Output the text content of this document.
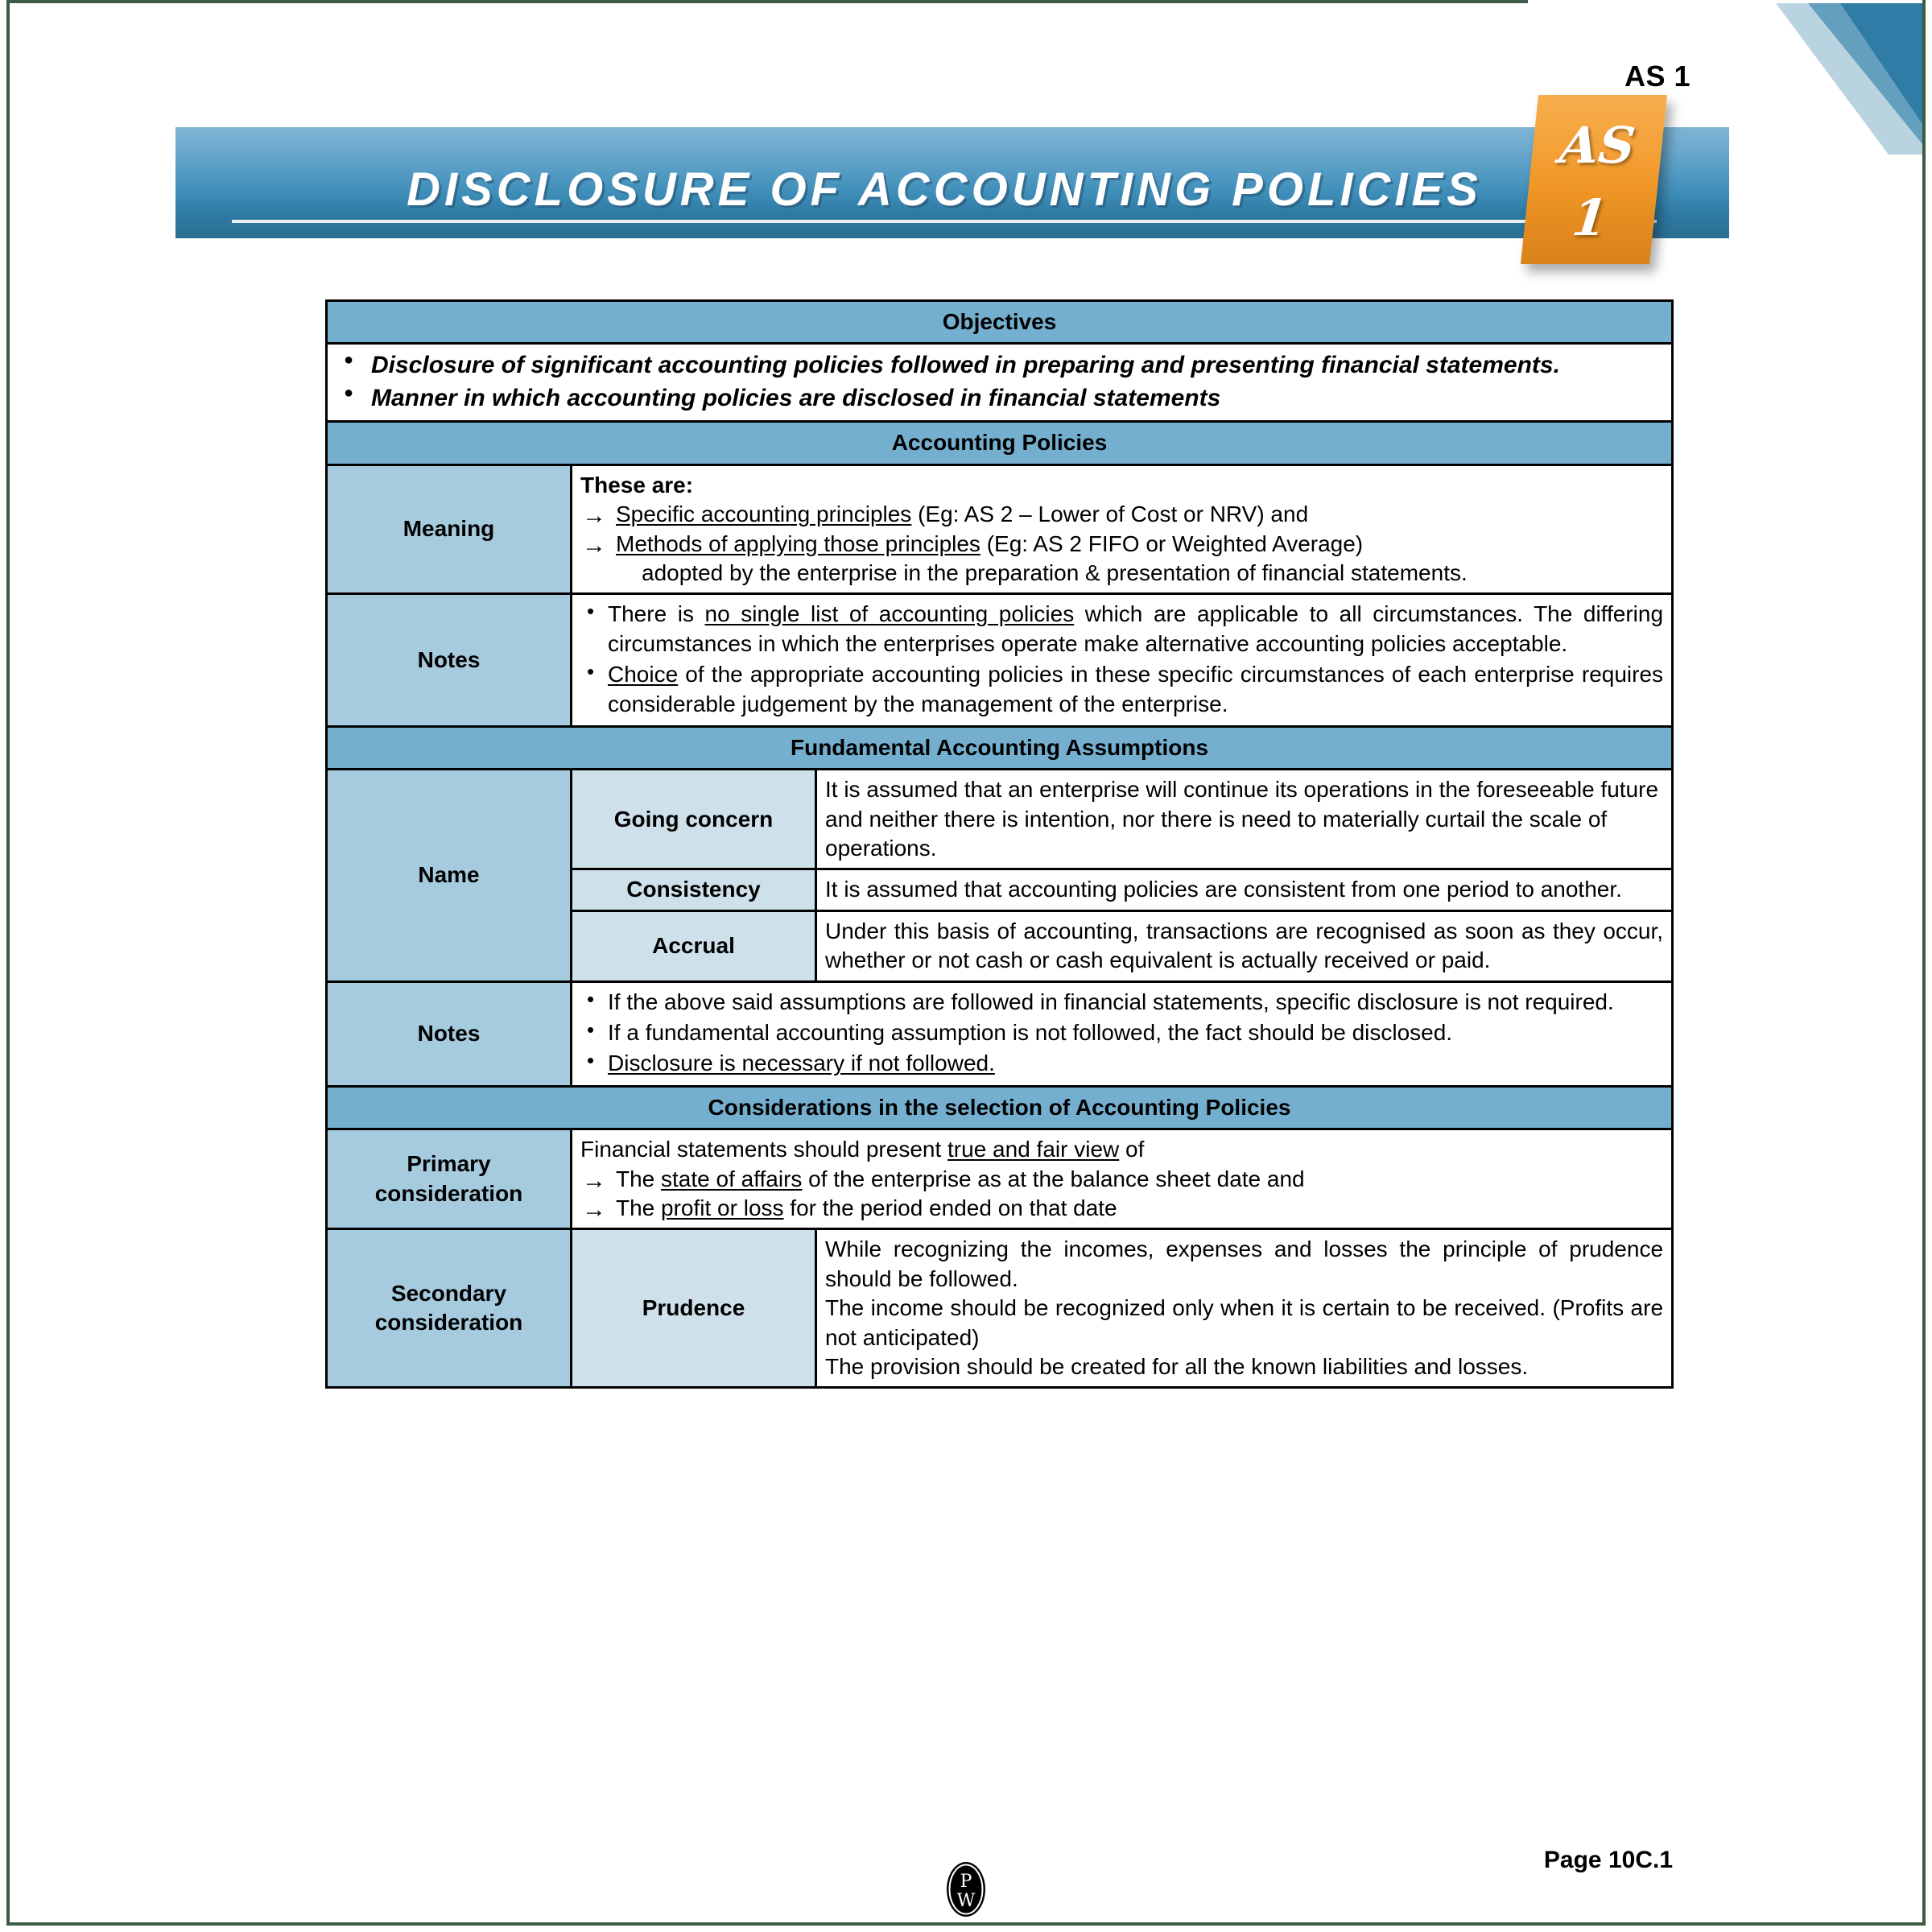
AS 1
DISCLOSURE OF ACCOUNTING POLICIES
AS
1
Objectives		

● Disclosure of significant accounting policies followed in preparing and presenting financial statements.
● Manner in which accounting policies are disclosed in financial statements

Accounting Policies		
Meaning	These are:
→ Specific accounting principles (Eg: AS 2 – Lower of Cost or NRV) and
→ Methods of applying those principles (Eg: AS 2 FIFO or Weighted Average)
adopted by the enterprise in the preparation & presentation of financial statements.

Notes	
• There is no single list of accounting policies which are applicable to all circumstances. The differing circumstances in which the enterprises operate make alternative accounting policies acceptable.
• Choice of the appropriate accounting policies in these specific circumstances of each enterprise requires considerable judgement by the management of the enterprise.

Fundamental Accounting Assumptions		
Name	Going concern	It is assumed that an enterprise will continue its operations in the foreseeable future and neither there is intention, nor there is need to materially curtail the scale of operations.
	Consistency	It is assumed that accounting policies are consistent from one period to another.
	Accrual	Under this basis of accounting, transactions are recognised as soon as they occur, whether or not cash or cash equivalent is actually received or paid.
Notes	
• If the above said assumptions are followed in financial statements, specific disclosure is not required.
• If a fundamental accounting assumption is not followed, the fact should be disclosed.
• Disclosure is necessary if not followed.

Considerations in the selection of Accounting Policies		
Primary consideration	Financial statements should present true and fair view of
→ The state of affairs of the enterprise as at the balance sheet date and
→ The profit or loss for the period ended on that date

Secondary consideration	Prudence	While recognizing the incomes, expenses and losses the principle of prudence should be followed.
The income should be recognized only when it is certain to be received. (Profits are not anticipated)
The provision should be created for all the known liabilities and losses.
Page 10C.1
P
W
